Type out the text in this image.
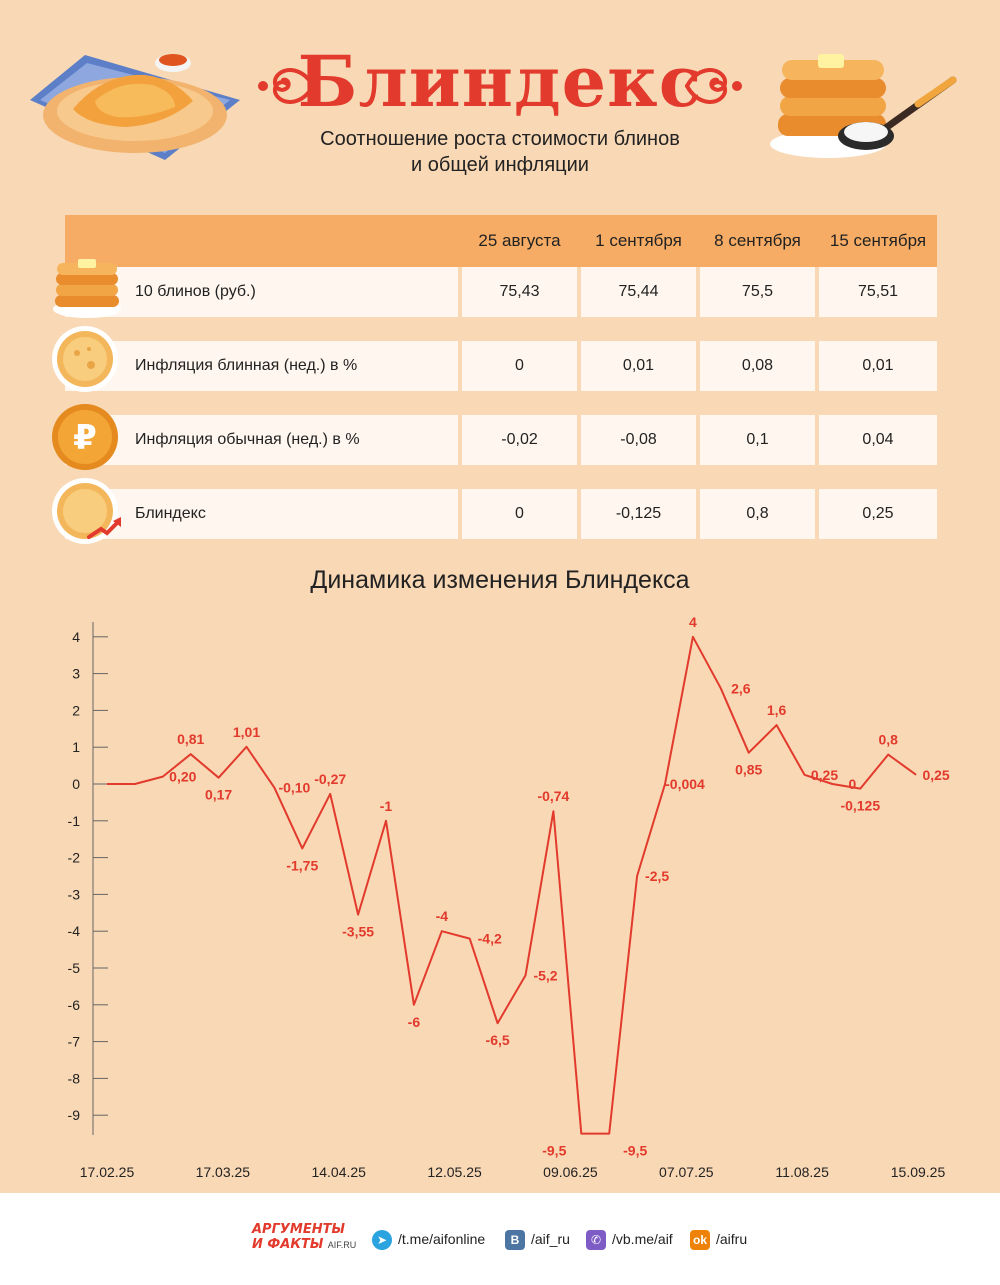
Блиндекс
Соотношение роста стоимости блинов
и общей инфляции
25 августа	1 сентября	8 сентября	15 сентября
10 блинов (руб.)	75,43	75,44	75,5	75,51
Инфляция блинная (нед.) в %	0	0,01	0,08	0,01
Инфляция обычная (нед.) в %	-0,02	-0,08	0,1	0,04
Блиндекс	0	-0,125	0,8	0,25
₽
Динамика изменения Блиндекса
4
3
2
1
0
-1
-2
-3
-4
-5
-6
-7
-8
-9
17.02.25	17.03.25	14.04.25	12.05.25	09.06.25	07.07.25	11.08.25	15.09.25
0,20
0,81
0,17
1,01
-0,10
-1,75
-0,27
-3,55
-1
-6
-4
-4,2
-6,5
-0,74
-9,5	-9,5
-2,5
-0,004
-5,2
4
2,6
0,85
1,6
0,25
0
-0,125
0,8
0,25
АРГУМЕНТЫ
И ФАКТЫ AIF.RU	➤ /t.me/aifonline	B /aif_ru	✆ /vb.me/aif ok /aifru
